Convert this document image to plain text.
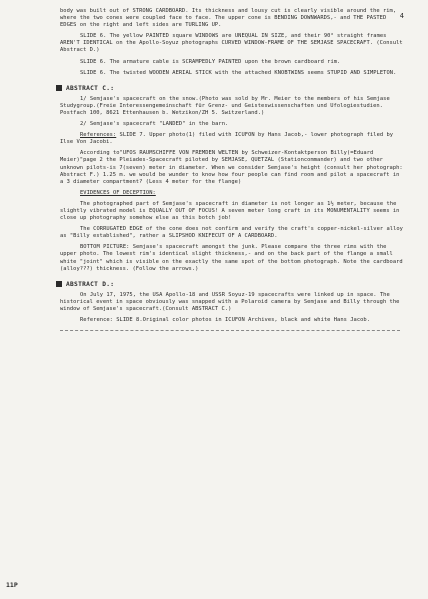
4

body was built out of STRONG CARDBOARD. Its thickness and lousy cut is clearly visible around the rim, where the two cones were coupled face to face. The upper cone is BENDING DOWNWARDS,- and THE PASTED EDGES on the right and left sides are TURLING UP.

SLIDE 6. The yellow PAINTED square WINDOWS are UNEQUAL IN SIZE, and their 90° straight frames AREN'T IDENTICAL on the Apollo-Soyuz photographs CURVED WINDOW-FRAME OF THE SEMJASE SPACECRAFT. (Consult Abstract D.)

SLIDE 6. The armature cable is SCRAMPEDLY PAINTED upon the brown cardboard rim.

SLIDE 6. The twisted WOODEN AERIAL STICK with the attached KNOBTWINS seems STUPID AND SIMPLETON.

ABSTRACT C.:

1/ Semjase's spacecraft on the snow.(Photo was sold by Mr. Meier to the members of his Semjase Studygroup.(Freie Interessengemeinschaft für Grenz- und Geisteswissenschaften und Ufologiestudien. Postfach 100, 8621 Ettenhausen b. Wetzikon/ZH 5. Switzerland.)

2/ Semjase's spacecraft "LANDED" in the barn.

References: SLIDE 7. Upper photo(1) filed with ICUFON by Hans Jacob,- lower photograph filed by Ilse Von Jacobi.

According to"UFOS RAUMSCHIFFE VON FREMDEN WELTEN by Schweizer-Kontaktperson Billy(=Eduard Meier)"page 2 the Pleiades-Spacecraft piloted by SEMJASE, QUETZAL (Stationcommander) and two other unknown pilots-is 7(seven) meter in diameter. When we consider Semjase's height (consult her photograph: Abstract F.) 1.25 m. we would be wunder to know how four people can find room and pilot a spacecraft in a 3 diameter compartment? (Less 4 meter for the flange)

EVIDENCES OF DECEPTION:

The photographed part of Semjase's spacecraft in diameter is not longer as 1½ meter, because the slightly vibrated model is EQUALLY OUT OF FOCUS! A seven meter long craft in its MONUMENTALITY seems in close up photography somehow else as this botch job!

The CORRUGATED EDGE of the cone does not confirm and verify the craft's copper-nickel-silver alloy as "Billy established", rather a SLIPSHOD KNIFECUT OF A CARDBOARD.

BOTTOM PICTURE: Semjase's spacecraft amongst the junk. Please compare the three rims with the upper photo. The lowest rim's identical slight thickness,- and on the back part of the flange a small white "joint" which is visible on the exactly the same spot of the bottom photograph. Note the cardboard (alloy???) thickness. (Follow the arrows.)

ABSTRACT D.:

On July 17, 1975, the USA Apollo-18 and USSR Soyuz-19 spacecrafts were linked up in space. The historical event in space obviously was snapped with a Polaroid camera by Semjase and Billy through the window of Semjase's spacecraft.(Consult ABSTRACT C.)

Reference: SLIDE 8.Original color photos in ICUFON Archives, black and white Hans Jacob.

11P
